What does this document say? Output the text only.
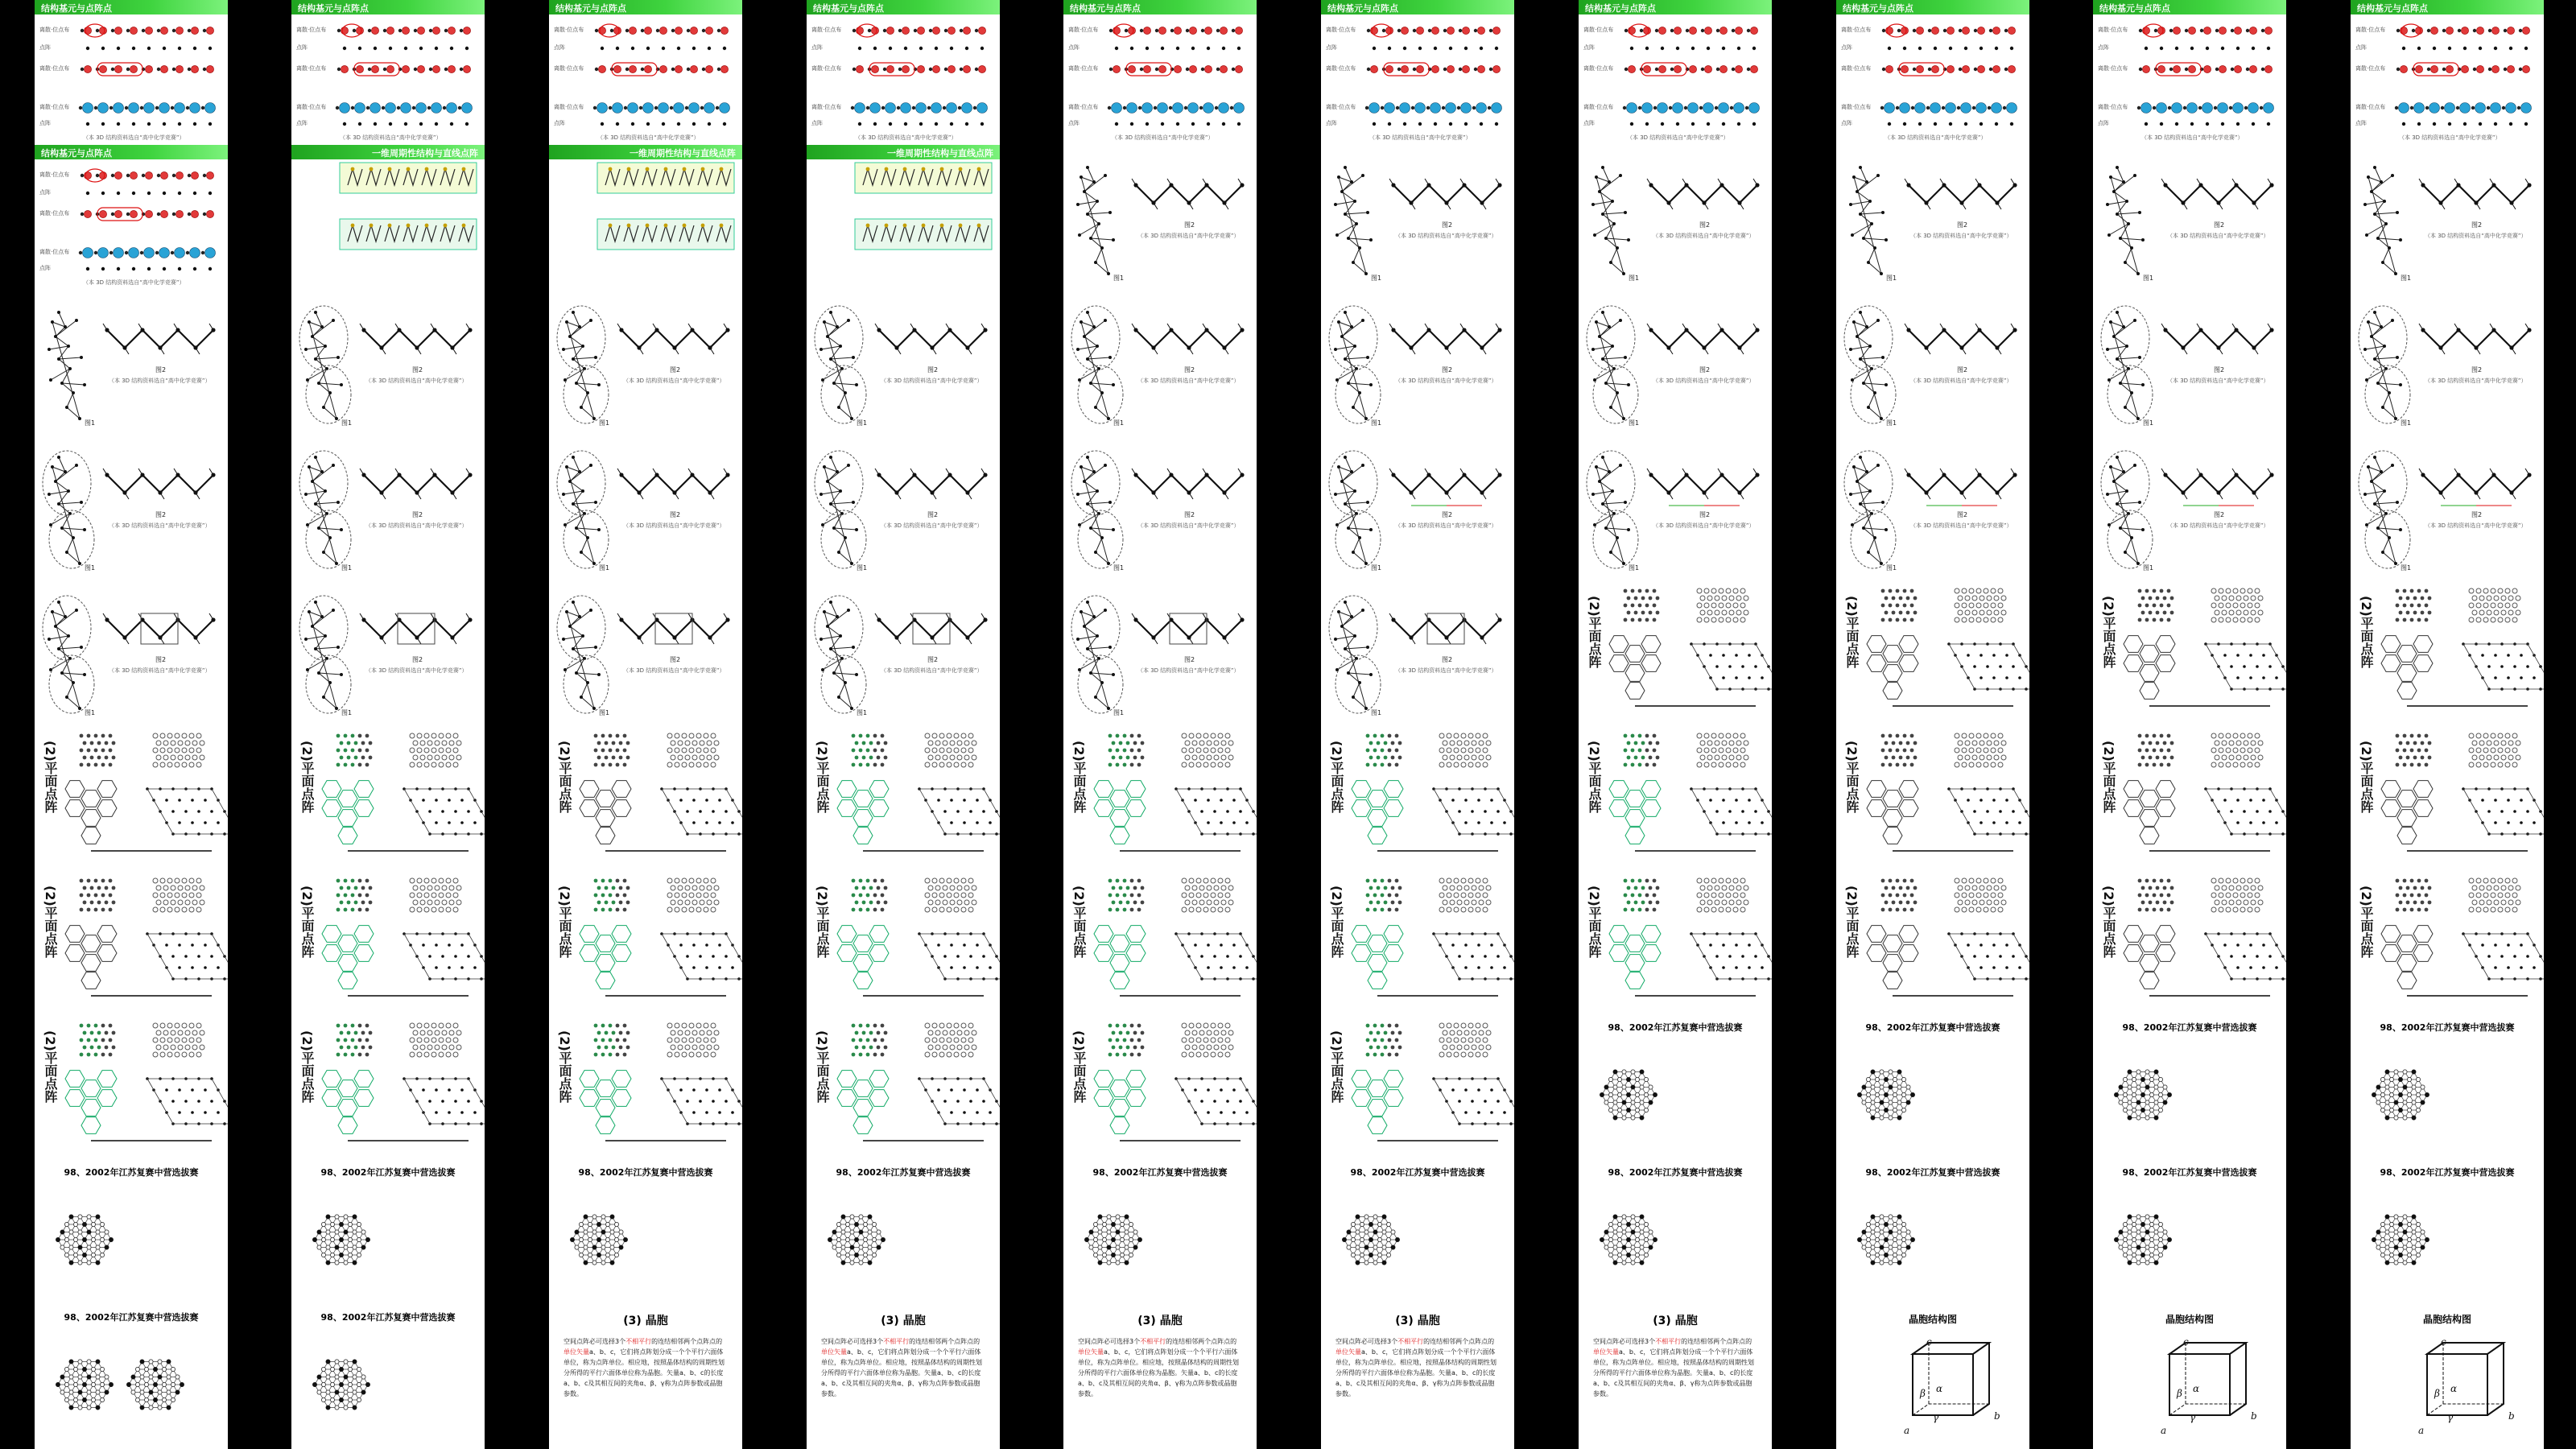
结构基元与点阵点
离散·位点布
点阵
离散·位点布
离散·位点布
点阵
（本 3D 结构资料选自“高中化学竞赛”）
结构基元与点阵点
离散·位点布
点阵
离散·位点布
离散·位点布
点阵
（本 3D 结构资料选自“高中化学竞赛”）
图1
图2
（本 3D 结构资料选自“高中化学竞赛”）
图1
图2
（本 3D 结构资料选自“高中化学竞赛”）
图1
图2
（本 3D 结构资料选自“高中化学竞赛”）
(2)平面点阵
(2)平面点阵
(2)平面点阵
98、2002年江苏复赛中营选拔赛
98、2002年江苏复赛中营选拔赛
结构基元与点阵点
离散·位点布
点阵
离散·位点布
离散·位点布
点阵
（本 3D 结构资料选自“高中化学竞赛”）
一维周期性结构与直线点阵
图1
图2
（本 3D 结构资料选自“高中化学竞赛”）
图1
图2
（本 3D 结构资料选自“高中化学竞赛”）
图1
图2
（本 3D 结构资料选自“高中化学竞赛”）
(2)平面点阵
(2)平面点阵
(2)平面点阵
98、2002年江苏复赛中营选拔赛
98、2002年江苏复赛中营选拔赛
结构基元与点阵点
离散·位点布
点阵
离散·位点布
离散·位点布
点阵
（本 3D 结构资料选自“高中化学竞赛”）
一维周期性结构与直线点阵
图1
图2
（本 3D 结构资料选自“高中化学竞赛”）
图1
图2
（本 3D 结构资料选自“高中化学竞赛”）
图1
图2
（本 3D 结构资料选自“高中化学竞赛”）
(2)平面点阵
(2)平面点阵
(2)平面点阵
98、2002年江苏复赛中营选拔赛
(3) 晶胞
空间点阵必可选择3个不相平行的连结相邻两个点阵点的单位矢量a、b、c，它们将点阵划分成一个个平行六面体单位，称为点阵单位。相应地，按照晶体结构的周期性划分所得的平行六面体单位称为晶胞。矢量a、b、c的长度a、b、c及其相互间的夹角α、β、γ称为点阵参数或晶胞参数。
结构基元与点阵点
离散·位点布
点阵
离散·位点布
离散·位点布
点阵
（本 3D 结构资料选自“高中化学竞赛”）
一维周期性结构与直线点阵
图1
图2
（本 3D 结构资料选自“高中化学竞赛”）
图1
图2
（本 3D 结构资料选自“高中化学竞赛”）
图1
图2
（本 3D 结构资料选自“高中化学竞赛”）
(2)平面点阵
(2)平面点阵
(2)平面点阵
98、2002年江苏复赛中营选拔赛
(3) 晶胞
空间点阵必可选择3个不相平行的连结相邻两个点阵点的单位矢量a、b、c，它们将点阵划分成一个个平行六面体单位，称为点阵单位。相应地，按照晶体结构的周期性划分所得的平行六面体单位称为晶胞。矢量a、b、c的长度a、b、c及其相互间的夹角α、β、γ称为点阵参数或晶胞参数。
结构基元与点阵点
离散·位点布
点阵
离散·位点布
离散·位点布
点阵
（本 3D 结构资料选自“高中化学竞赛”）
图1
图2
（本 3D 结构资料选自“高中化学竞赛”）
图1
图2
（本 3D 结构资料选自“高中化学竞赛”）
图1
图2
（本 3D 结构资料选自“高中化学竞赛”）
图1
图2
（本 3D 结构资料选自“高中化学竞赛”）
(2)平面点阵
(2)平面点阵
(2)平面点阵
98、2002年江苏复赛中营选拔赛
(3) 晶胞
空间点阵必可选择3个不相平行的连结相邻两个点阵点的单位矢量a、b、c，它们将点阵划分成一个个平行六面体单位，称为点阵单位。相应地，按照晶体结构的周期性划分所得的平行六面体单位称为晶胞。矢量a、b、c的长度a、b、c及其相互间的夹角α、β、γ称为点阵参数或晶胞参数。
结构基元与点阵点
离散·位点布
点阵
离散·位点布
离散·位点布
点阵
（本 3D 结构资料选自“高中化学竞赛”）
图1
图2
（本 3D 结构资料选自“高中化学竞赛”）
图1
图2
（本 3D 结构资料选自“高中化学竞赛”）
图1
图2
（本 3D 结构资料选自“高中化学竞赛”）
图1
图2
（本 3D 结构资料选自“高中化学竞赛”）
(2)平面点阵
(2)平面点阵
(2)平面点阵
98、2002年江苏复赛中营选拔赛
(3) 晶胞
空间点阵必可选择3个不相平行的连结相邻两个点阵点的单位矢量a、b、c，它们将点阵划分成一个个平行六面体单位，称为点阵单位。相应地，按照晶体结构的周期性划分所得的平行六面体单位称为晶胞。矢量a、b、c的长度a、b、c及其相互间的夹角α、β、γ称为点阵参数或晶胞参数。
结构基元与点阵点
离散·位点布
点阵
离散·位点布
离散·位点布
点阵
（本 3D 结构资料选自“高中化学竞赛”）
图1
图2
（本 3D 结构资料选自“高中化学竞赛”）
图1
图2
（本 3D 结构资料选自“高中化学竞赛”）
图1
图2
（本 3D 结构资料选自“高中化学竞赛”）
(2)平面点阵
(2)平面点阵
(2)平面点阵
98、2002年江苏复赛中营选拔赛
98、2002年江苏复赛中营选拔赛
(3) 晶胞
空间点阵必可选择3个不相平行的连结相邻两个点阵点的单位矢量a、b、c，它们将点阵划分成一个个平行六面体单位，称为点阵单位。相应地，按照晶体结构的周期性划分所得的平行六面体单位称为晶胞。矢量a、b、c的长度a、b、c及其相互间的夹角α、β、γ称为点阵参数或晶胞参数。
结构基元与点阵点
离散·位点布
点阵
离散·位点布
离散·位点布
点阵
（本 3D 结构资料选自“高中化学竞赛”）
图1
图2
（本 3D 结构资料选自“高中化学竞赛”）
图1
图2
（本 3D 结构资料选自“高中化学竞赛”）
图1
图2
（本 3D 结构资料选自“高中化学竞赛”）
(2)平面点阵
(2)平面点阵
(2)平面点阵
98、2002年江苏复赛中营选拔赛
98、2002年江苏复赛中营选拔赛
晶胞结构图
c
a
b
α
β
γ
结构基元与点阵点
离散·位点布
点阵
离散·位点布
离散·位点布
点阵
（本 3D 结构资料选自“高中化学竞赛”）
图1
图2
（本 3D 结构资料选自“高中化学竞赛”）
图1
图2
（本 3D 结构资料选自“高中化学竞赛”）
图1
图2
（本 3D 结构资料选自“高中化学竞赛”）
(2)平面点阵
(2)平面点阵
(2)平面点阵
98、2002年江苏复赛中营选拔赛
98、2002年江苏复赛中营选拔赛
晶胞结构图
c
a
b
α
β
γ
结构基元与点阵点
离散·位点布
点阵
离散·位点布
离散·位点布
点阵
（本 3D 结构资料选自“高中化学竞赛”）
图1
图2
（本 3D 结构资料选自“高中化学竞赛”）
图1
图2
（本 3D 结构资料选自“高中化学竞赛”）
图1
图2
（本 3D 结构资料选自“高中化学竞赛”）
(2)平面点阵
(2)平面点阵
(2)平面点阵
98、2002年江苏复赛中营选拔赛
98、2002年江苏复赛中营选拔赛
晶胞结构图
c
a
b
α
β
γ
